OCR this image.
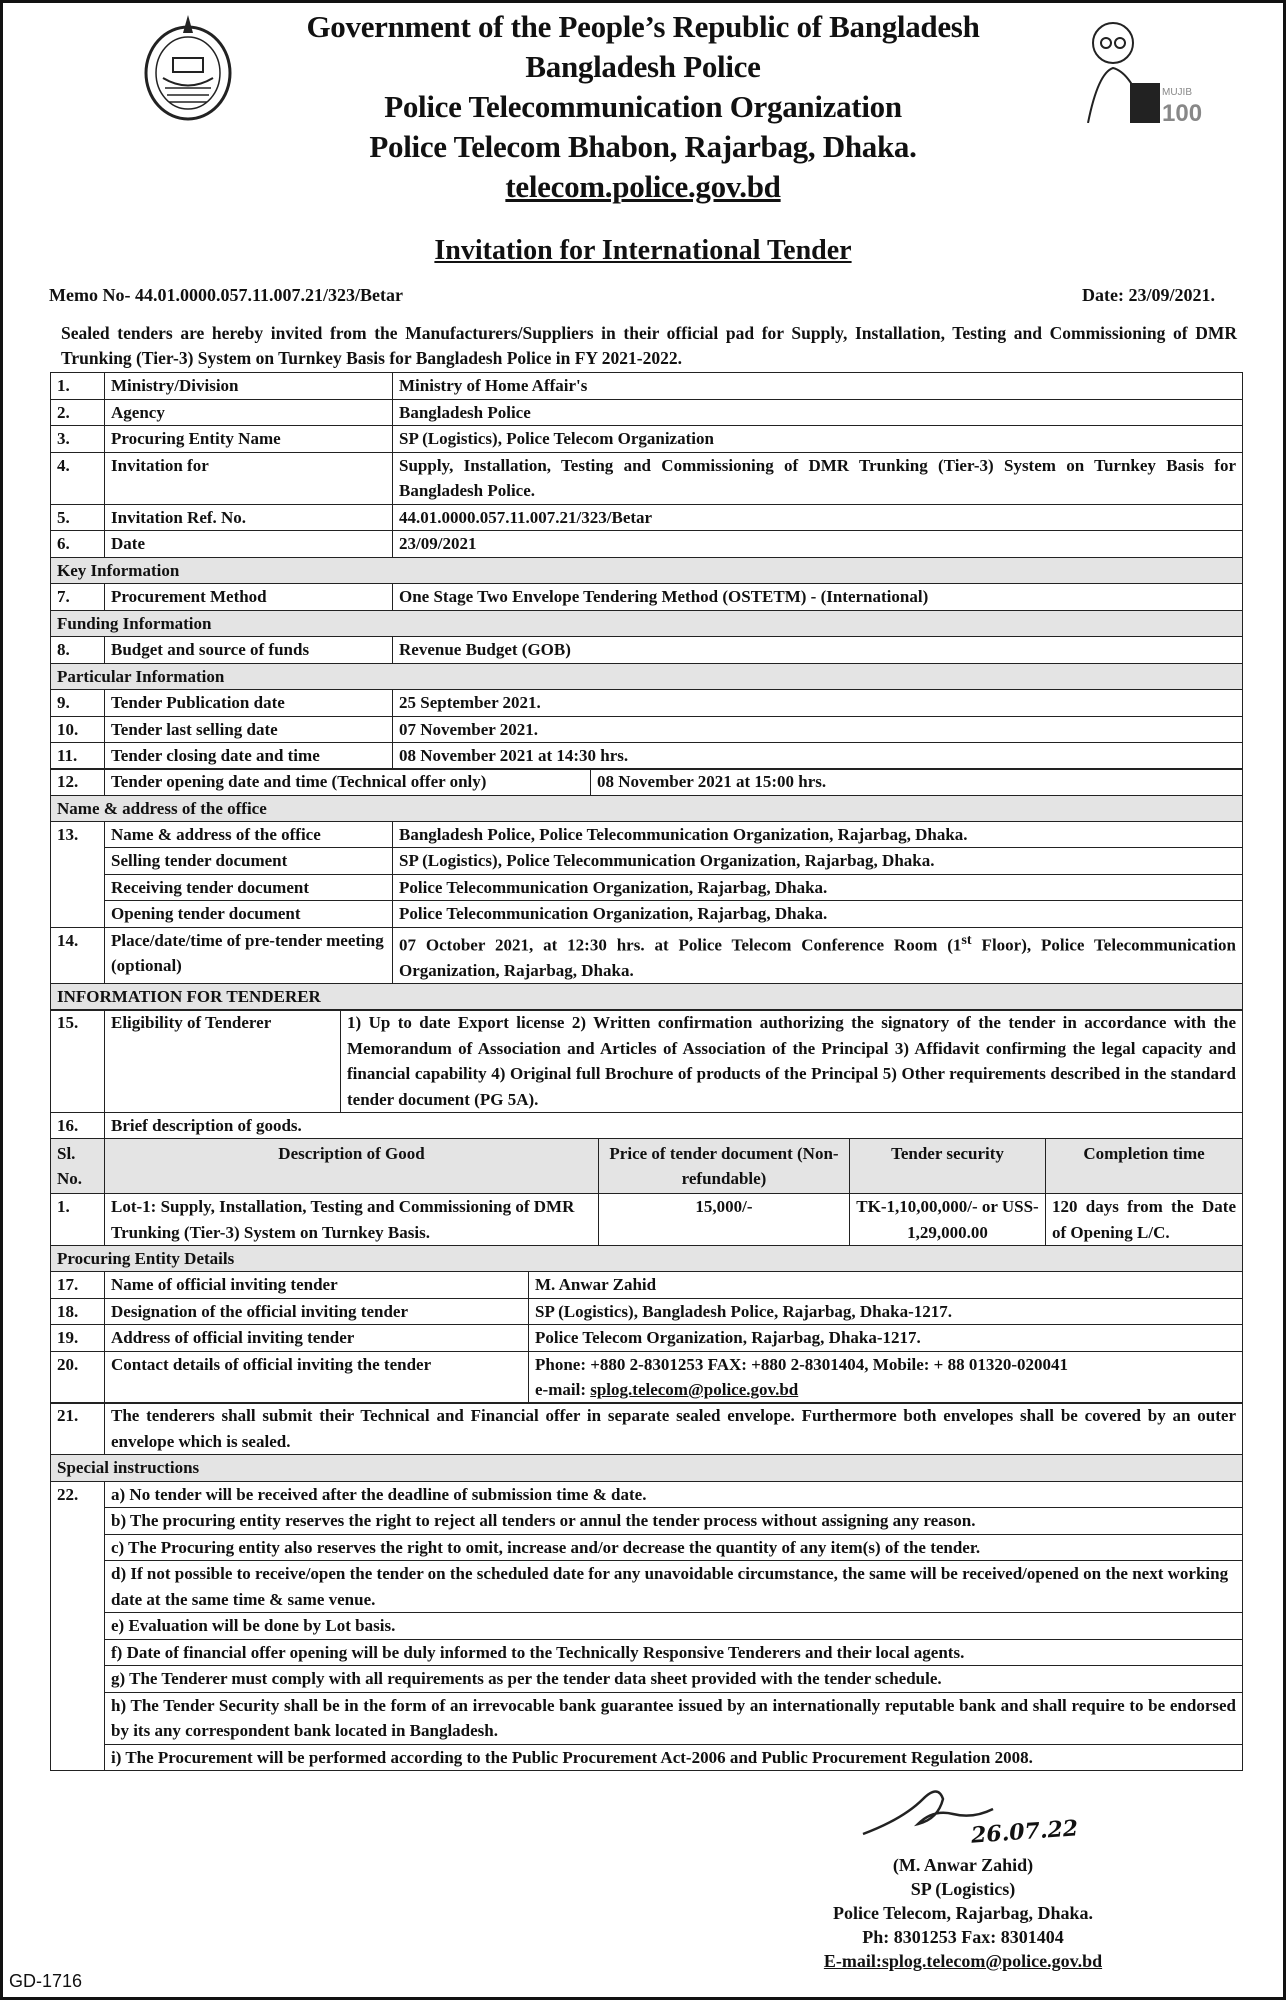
MUJIB
100
Government of the People’s Republic of Bangladesh
Bangladesh Police
Police Telecommunication Organization
Police Telecom Bhabon, Rajarbag, Dhaka.
telecom.police.gov.bd
Invitation for International Tender
Memo No- 44.01.0000.057.11.007.21/323/Betar	Date: 23/09/2021.
Sealed tenders are hereby invited from the Manufacturers/Suppliers in their official pad for Supply, Installation, Testing and Commissioning of DMR Trunking (Tier-3) System on Turnkey Basis for Bangladesh Police in FY 2021-2022.
1.	Ministry/Division	Ministry of Home Affair's
2.	Agency	Bangladesh Police
3.	Procuring Entity Name	SP (Logistics), Police Telecom Organization
4.	Invitation for	Supply, Installation, Testing and Commissioning of DMR Trunking (Tier-3) System on Turnkey Basis for Bangladesh Police.
5.	Invitation Ref. No.	44.01.0000.057.11.007.21/323/Betar
6.	Date	23/09/2021
Key Information		
7.	Procurement Method	One Stage Two Envelope Tendering Method (OSTETM) - (International)
Funding Information		
8.	Budget and source of funds	Revenue Budget (GOB)
Particular Information		
9.	Tender Publication date	25 September 2021.
10.	Tender last selling date	07 November 2021.
11.	Tender closing date and time	08 November 2021 at 14:30 hrs.
12.	Tender opening date and time (Technical offer only)	08 November 2021 at 15:00 hrs.
Name & address of the office
13.	Name & address of the office	Bangladesh Police, Police Telecommunication Organization, Rajarbag, Dhaka.
	Selling tender document	SP (Logistics), Police Telecommunication Organization, Rajarbag, Dhaka.
	Receiving tender document	Police Telecommunication Organization, Rajarbag, Dhaka.
	Opening tender document	Police Telecommunication Organization, Rajarbag, Dhaka.
14.	Place/date/time of pre-tender meeting (optional)	07 October 2021, at 12:30 hrs. at Police Telecom Conference Room (1st Floor), Police Telecommunication Organization, Rajarbag, Dhaka.
INFORMATION FOR TENDERER		
15.	Eligibility of Tenderer	1) Up to date Export license 2) Written confirmation authorizing the signatory of the tender in accordance with the Memorandum of Association and Articles of Association of the Principal 3) Affidavit confirming the legal capacity and financial capability 4) Original full Brochure of products of the Principal 5) Other requirements described in the standard tender document (PG 5A).
16.	Brief description of goods.	
Sl. No.	Description of Good	Price of tender document (Non-refundable)	Tender security	Completion time
1.	Lot-1: Supply, Installation, Testing and Commissioning of DMR Trunking (Tier-3) System on Turnkey Basis.	15,000/-	TK-1,10,00,000/- or USS-1,29,000.00	120 days from the Date of Opening L/C.
Procuring Entity Details		
17.	Name of official inviting tender	M. Anwar Zahid
18.	Designation of the official inviting tender	SP (Logistics), Bangladesh Police, Rajarbag, Dhaka-1217.
19.	Address of official inviting tender	Police Telecom Organization, Rajarbag, Dhaka-1217.
20.	Contact details of official inviting the tender	Phone: +880 2-8301253 FAX: +880 2-8301404, Mobile: + 88 01320-020041
e-mail: splog.telecom@police.gov.bd
21.	The tenderers shall submit their Technical and Financial offer in separate sealed envelope. Furthermore both envelopes shall be covered by an outer envelope which is sealed.
Special instructions	
22.	a) No tender will be received after the deadline of submission time & date.
	b) The procuring entity reserves the right to reject all tenders or annul the tender process without assigning any reason.
	c) The Procuring entity also reserves the right to omit, increase and/or decrease the quantity of any item(s) of the tender.
	d) If not possible to receive/open the tender on the scheduled date for any unavoidable circumstance, the same will be received/opened on the next working date at the same time & same venue.
	e) Evaluation will be done by Lot basis.
	f) Date of financial offer opening will be duly informed to the Technically Responsive Tenderers and their local agents.
	g) The Tenderer must comply with all requirements as per the tender data sheet provided with the tender schedule.
	h) The Tender Security shall be in the form of an irrevocable bank guarantee issued by an internationally reputable bank and shall require to be endorsed by its any correspondent bank located in Bangladesh.
	i) The Procurement will be performed according to the Public Procurement Act-2006 and Public Procurement Regulation 2008.
26.07.22
(M. Anwar Zahid)
SP (Logistics)
Police Telecom, Rajarbag, Dhaka.
Ph: 8301253 Fax: 8301404
E-mail:splog.telecom@police.gov.bd
GD-1716
